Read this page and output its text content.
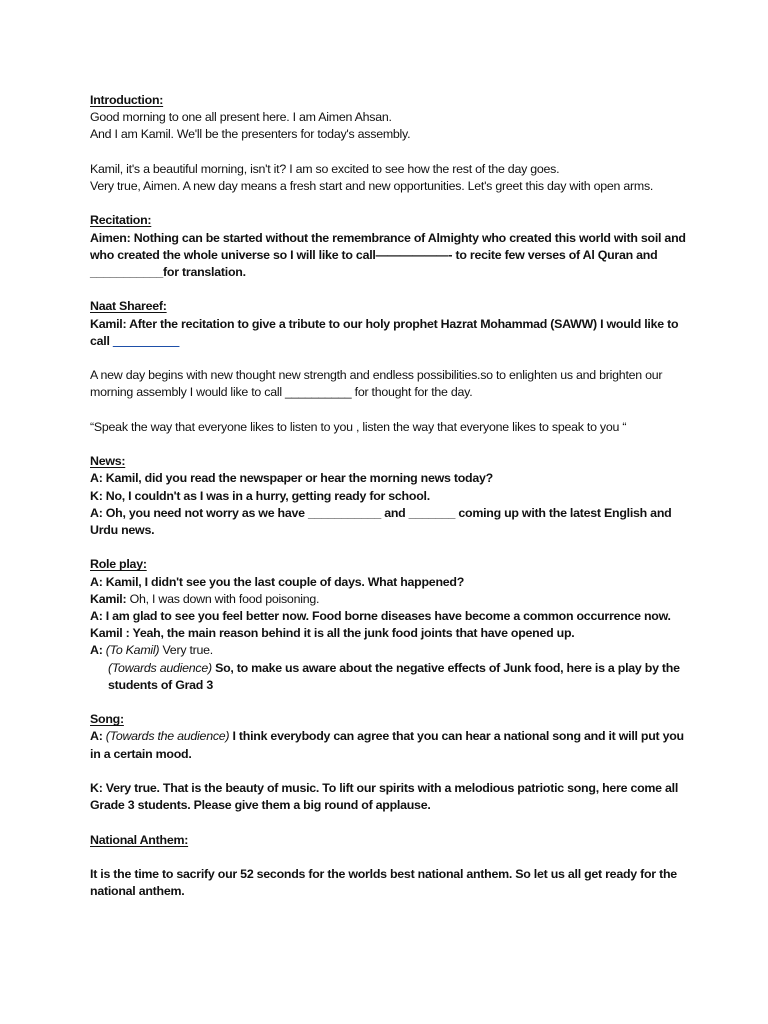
Introduction:

Good morning to one all present here. I am Aimen Ahsan.

And I am Kamil. We'll be the presenters for today's assembly.

Kamil, it's a beautiful morning, isn't it? I am so excited to see how the rest of the day goes.

Very true, Aimen. A new day means a fresh start and new opportunities. Let's greet this day with open arms.

Recitation:

Aimen: Nothing can be started without the remembrance of Almighty who created this world with soil and who created the whole universe so I will like to call——————- to recite few verses of Al Quran and ___________for translation.

Naat Shareef:

Kamil: After the recitation to give a tribute to our holy prophet Hazrat Mohammad (SAWW) I would like to call __________

A new day begins with new thought new strength and endless possibilities.so to enlighten us and brighten our morning assembly I would like to call __________ for thought for the day.

“Speak the way that everyone likes to listen to you , listen the way that everyone likes to speak to you “

News:

A: Kamil, did you read the newspaper or hear the morning news today?

K: No, I couldn't as I was in a hurry, getting ready for school.

A: Oh, you need not worry as we have ___________ and _______ coming up with the latest English and Urdu news.

Role play:

A: Kamil, I didn't see you the last couple of days. What happened?

Kamil: Oh, I was down with food poisoning.

A: I am glad to see you feel better now. Food borne diseases have become a common occurrence now.

Kamil : Yeah, the main reason behind it is all the junk food joints that have opened up.

A: (To Kamil) Very true.

(Towards audience) So, to make us aware about the negative effects of Junk food, here is a play by the students of Grad 3

Song:

A: (Towards the audience) I think everybody can agree that you can hear a national song and it will put you in a certain mood.

K: Very true. That is the beauty of music. To lift our spirits with a melodious patriotic song, here come all Grade 3 students. Please give them a big round of applause.

National Anthem:

It is the time to sacrify our 52 seconds for the worlds best national anthem. So let us all get ready for the national anthem.
